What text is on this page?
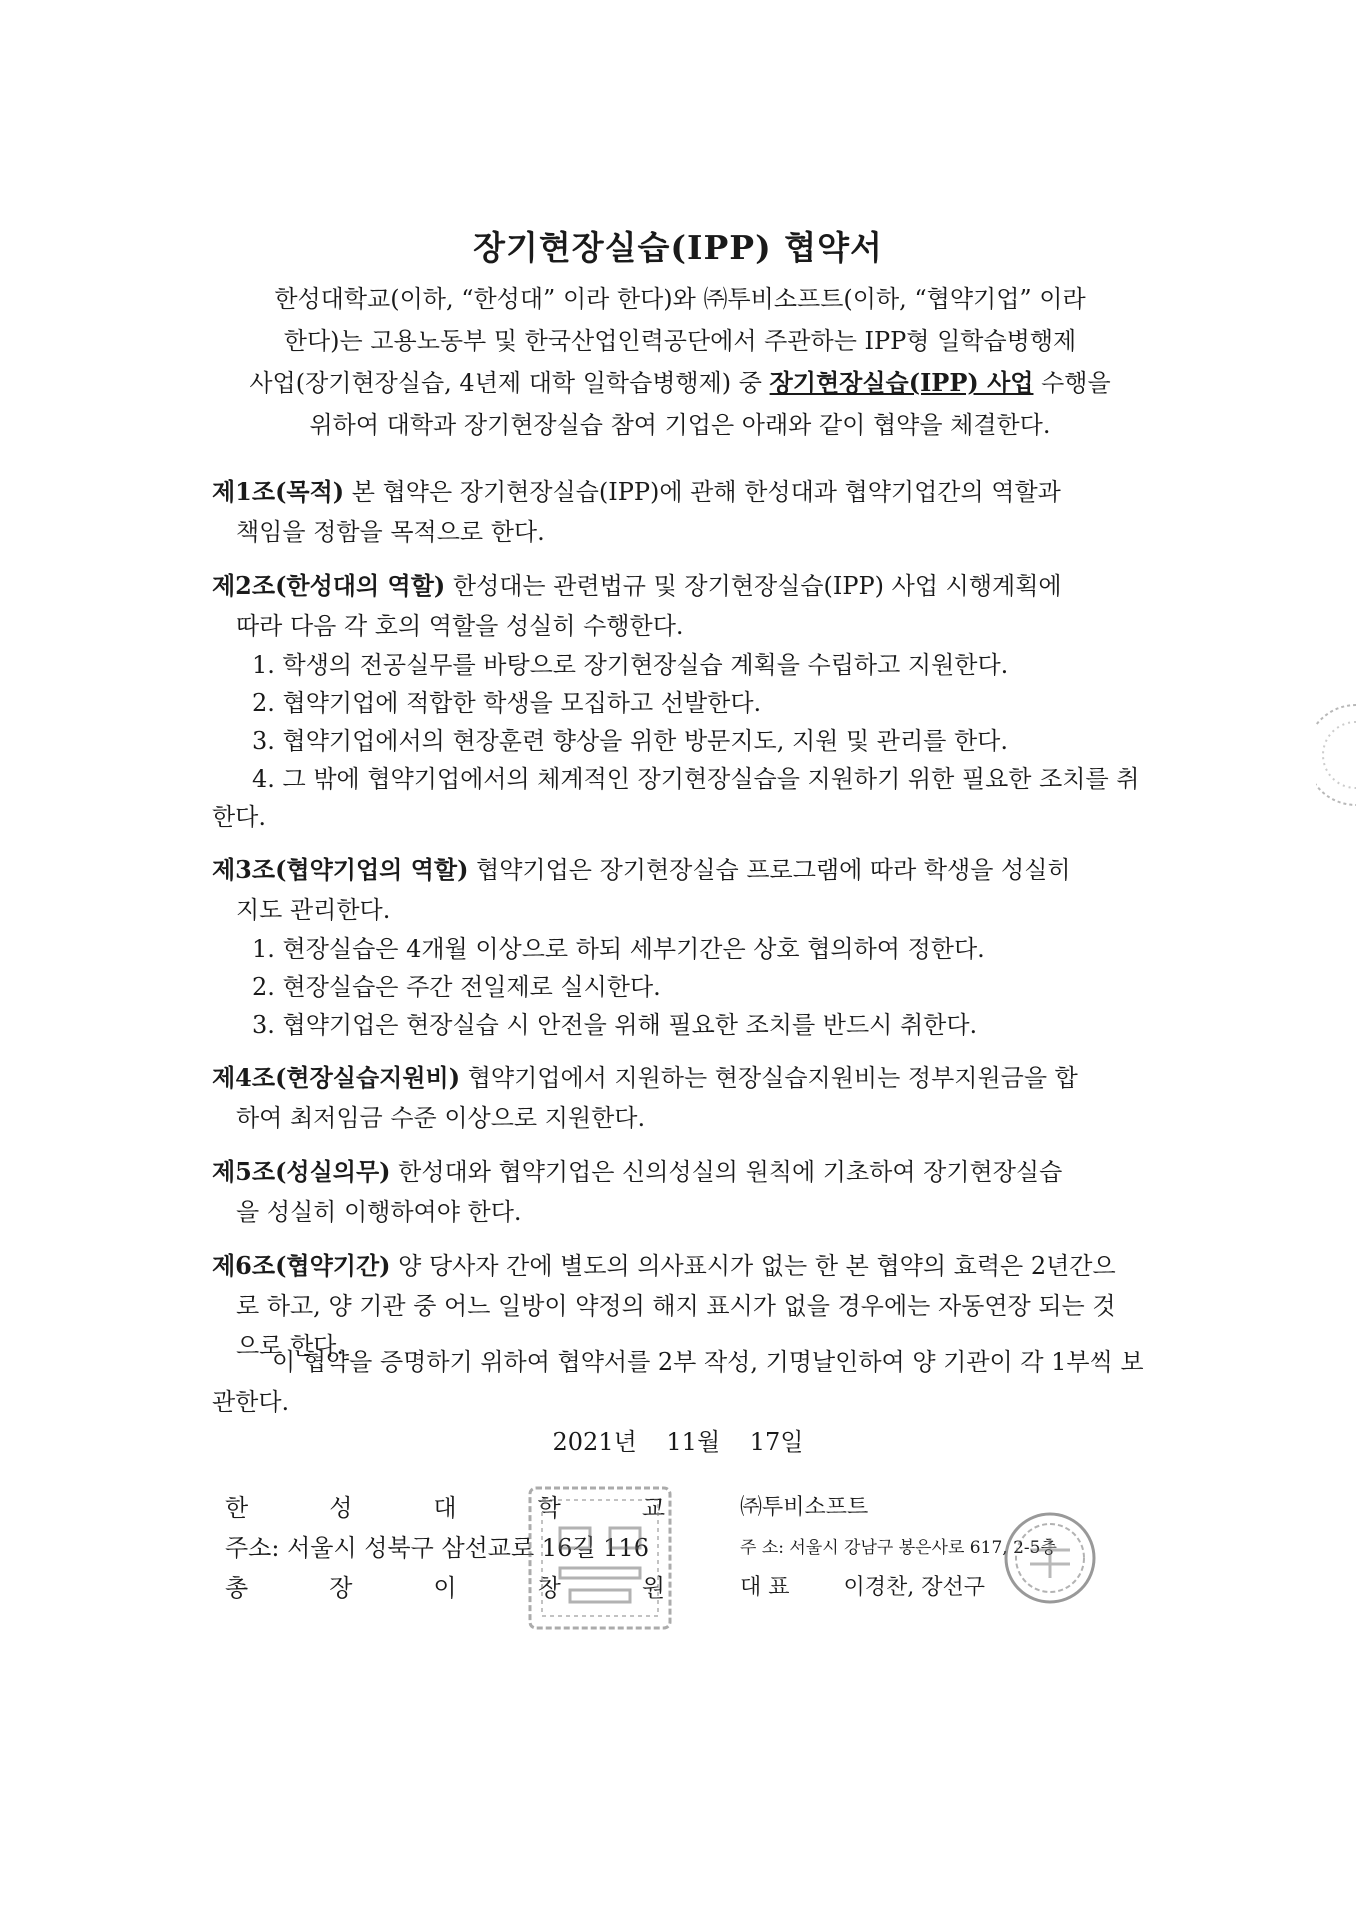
장기현장실습(IPP) 협약서
한성대학교(이하, “한성대” 이라 한다)와 ㈜투비소프트(이하, “협약기업” 이라
한다)는 고용노동부 및 한국산업인력공단에서 주관하는 IPP형 일학습병행제
사업(장기현장실습, 4년제 대학 일학습병행제) 중 장기현장실습(IPP) 사업 수행을
위하여 대학과 장기현장실습 참여 기업은 아래와 같이 협약을 체결한다.
제1조(목적) 본 협약은 장기현장실습(IPP)에 관해 한성대과 협약기업간의 역할과
책임을 정함을 목적으로 한다.
제2조(한성대의 역할) 한성대는 관련법규 및 장기현장실습(IPP) 사업 시행계획에
따라 다음 각 호의 역할을 성실히 수행한다.
1. 학생의 전공실무를 바탕으로 장기현장실습 계획을 수립하고 지원한다.
2. 협약기업에 적합한 학생을 모집하고 선발한다.
3. 협약기업에서의 현장훈련 향상을 위한 방문지도, 지원 및 관리를 한다.
4. 그 밖에 협약기업에서의 체계적인 장기현장실습을 지원하기 위한 필요한 조치를 취
한다.
제3조(협약기업의 역할) 협약기업은 장기현장실습 프로그램에 따라 학생을 성실히
지도 관리한다.
1. 현장실습은 4개월 이상으로 하되 세부기간은 상호 협의하여 정한다.
2. 현장실습은 주간 전일제로 실시한다.
3. 협약기업은 현장실습 시 안전을 위해 필요한 조치를 반드시 취한다.
제4조(현장실습지원비) 협약기업에서 지원하는 현장실습지원비는 정부지원금을 합
하여 최저임금 수준 이상으로 지원한다.
제5조(성실의무) 한성대와 협약기업은 신의성실의 원칙에 기초하여 장기현장실습
을 성실히 이행하여야 한다.
제6조(협약기간) 양 당사자 간에 별도의 의사표시가 없는 한 본 협약의 효력은 2년간으
로 하고, 양 기관 중 어느 일방이 약정의 해지 표시가 없을 경우에는 자동연장 되는 것
으로 한다.
이 협약을 증명하기 위하여 협약서를 2부 작성, 기명날인하여 양 기관이 각 1부씩 보관한다.
2021년 11월 17일
한	성	대	학	교
주소: 서울시 성북구 삼선교로 16길 116
총	장	이	창	원
㈜투비소프트
주 소: 서울시 강남구 봉은사로 617, 2-5층
대 표 이경찬, 장선구
